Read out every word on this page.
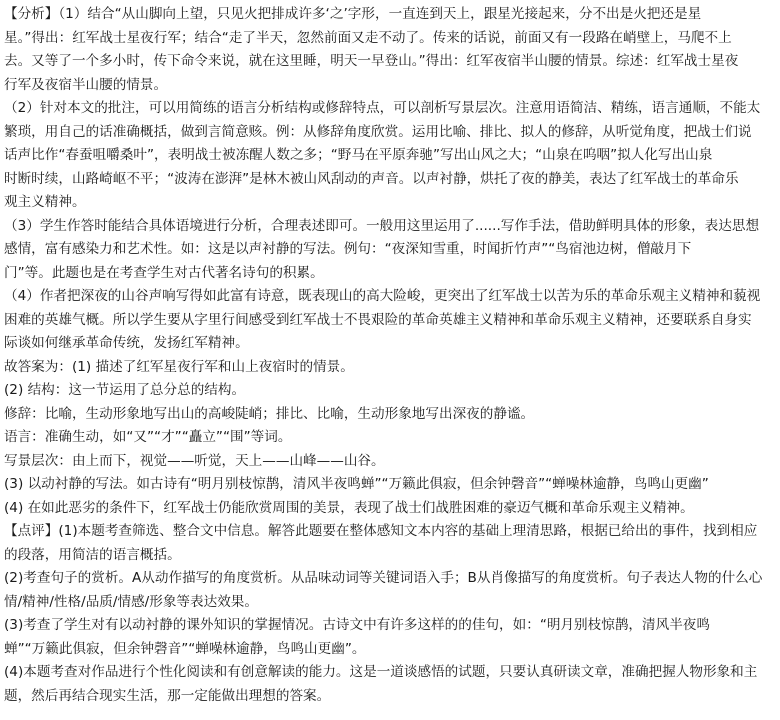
【分析】（1）结合“从山脚向上望，只见火把排成许多‘之’字形，一直连到天上，跟星光接起来，分不出是火把还是星
星。”得出：红军战士星夜行军；结合“走了半天，忽然前面又走不动了。传来的话说，前面又有一段路在峭壁上，马爬不上
去。又等了一个多小时，传下命令来说，就在这里睡，明天一早登山。”得出：红军夜宿半山腰的情景。综述：红军战士星夜
行军及夜宿半山腰的情景。
（2）针对本文的批注，可以用简练的语言分析结构或修辞特点，可以剖析写景层次。注意用语简洁、精练，语言通顺，不能太
繁琐，用自己的话准确概括，做到言简意赅。例：从修辞角度欣赏。运用比喻、排比、拟人的修辞，从听觉角度，把战士们说
话声比作“春蚕咀嚼桑叶”，表明战士被冻醒人数之多；“野马在平原奔驰”写出山风之大；“山泉在呜咽”拟人化写出山泉
时断时续，山路崎岖不平；“波涛在澎湃”是林木被山风刮动的声音。以声衬静，烘托了夜的静美，表达了红军战士的革命乐
观主义精神。
（3）学生作答时能结合具体语境进行分析，合理表述即可。一般用这里运用了......写作手法，借助鲜明具体的形象，表达思想
感情，富有感染力和艺术性。如：这是以声衬静的写法。例句：“夜深知雪重，时闻折竹声”“鸟宿池边树，僧敲月下
门”等。此题也是在考查学生对古代著名诗句的积累。
（4）作者把深夜的山谷声响写得如此富有诗意，既表现山的高大险峻，更突出了红军战士以苦为乐的革命乐观主义精神和藐视
困难的英雄气概。所以学生要从字里行间感受到红军战士不畏艰险的革命英雄主义精神和革命乐观主义精神，还要联系自身实
际谈如何继承革命传统，发扬红军精神。
故答案为：(1) 描述了红军星夜行军和山上夜宿时的情景。
(2) 结构：这一节运用了总分总的结构。
修辞：比喻，生动形象地写出山的高峻陡峭；排比、比喻，生动形象地写出深夜的静谧。
语言：准确生动，如“又”“才”“矗立”“围”等词。
写景层次：由上而下，视觉——听觉，天上——山峰——山谷。
(3) 以动衬静的写法。如古诗有“明月别枝惊鹊，清风半夜鸣蝉”“万籁此俱寂，但余钟磬音”“蝉噪林逾静，鸟鸣山更幽”
(4) 在如此恶劣的条件下，红军战士仍能欣赏周围的美景，表现了战士们战胜困难的豪迈气概和革命乐观主义精神。
【点评】(1)本题考查筛选、整合文中信息。解答此题要在整体感知文本内容的基础上理清思路，根据已给出的事件，找到相应
的段落，用简洁的语言概括。
(2)考查句子的赏析。A从动作描写的角度赏析。从品味动词等关键词语入手；B从肖像描写的角度赏析。句子表达人物的什么心
情/精神/性格/品质/情感/形象等表达效果。
(3)考查了学生对有以动衬静的课外知识的掌握情况。古诗文中有许多这样的的佳句，如：“明月别枝惊鹊，清风半夜鸣
蝉”“万籁此俱寂，但余钟磬音”“蝉噪林逾静，鸟鸣山更幽”。
(4)本题考查对作品进行个性化阅读和有创意解读的能力。这是一道谈感悟的试题，只要认真研读文章，准确把握人物形象和主
题，然后再结合现实生活，那一定能做出理想的答案。
